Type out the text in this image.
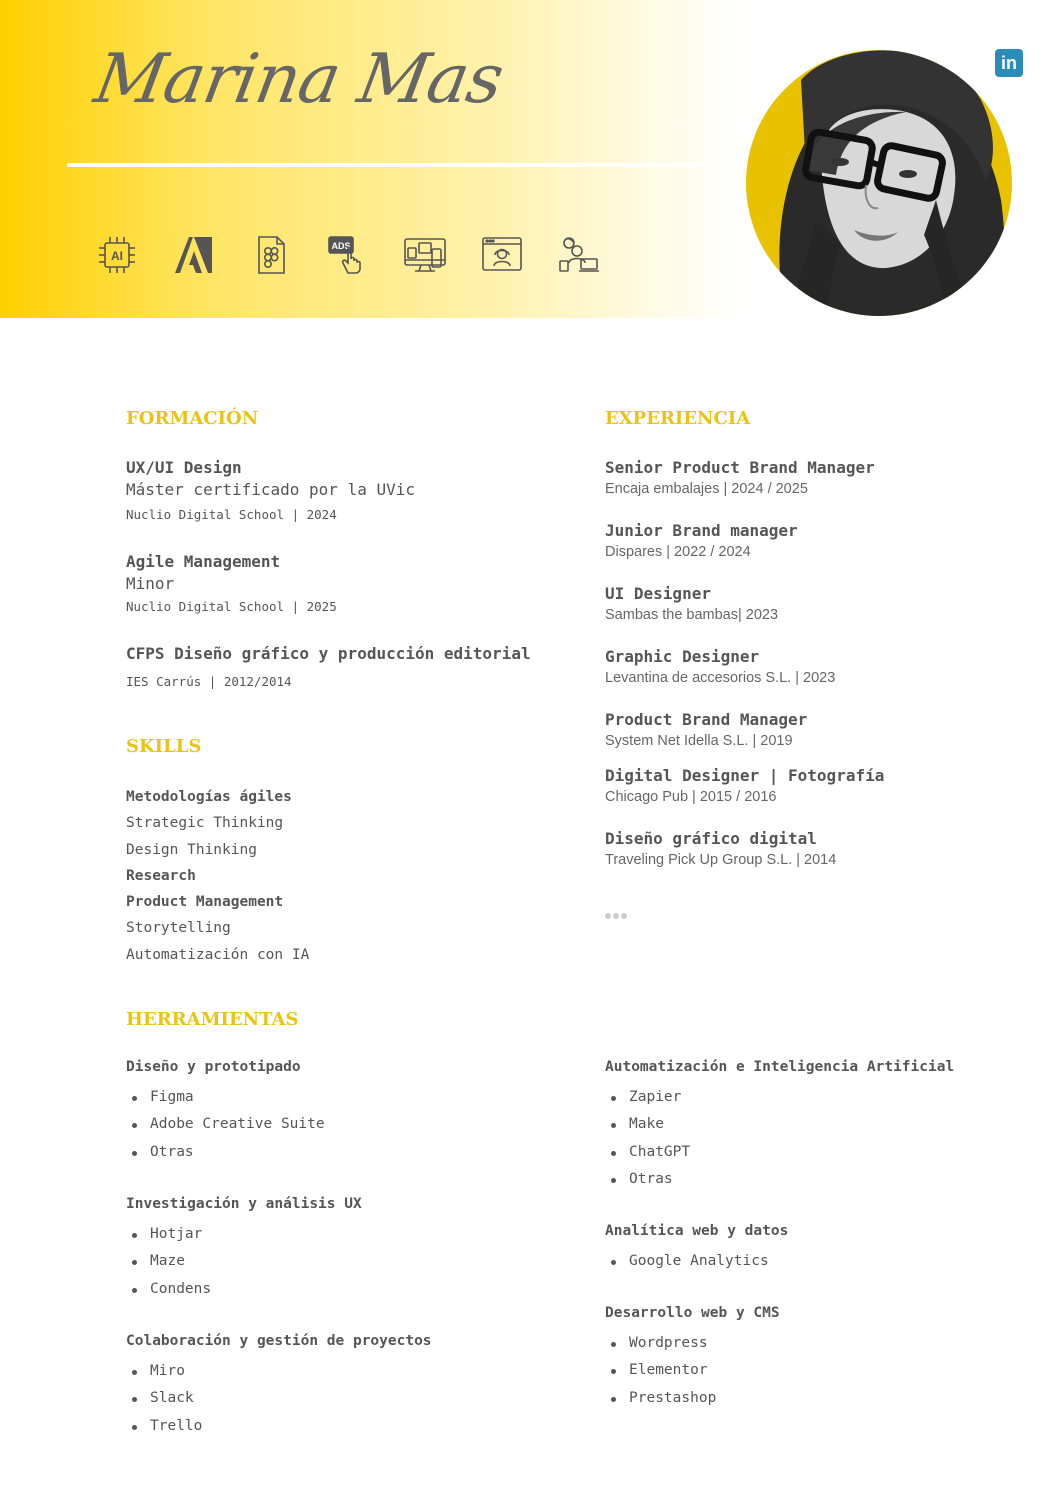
Marina Mas
AI
ADS
in
FORMACIÓN
UX/UI Design
Máster certificado por la UVic
Nuclio Digital School | 2024
Agile Management
Minor
Nuclio Digital School | 2025
CFPS Diseño gráfico y producción editorial
IES Carrús | 2012/2014
SKILLS
Metodologías ágiles
Strategic Thinking
Design Thinking
Research
Product Management
Storytelling
Automatización con IA
EXPERIENCIA
Senior Product Brand Manager
Encaja embalajes | 2024 / 2025
Junior Brand manager
Dispares | 2022 / 2024
UI Designer
Sambas the bambas| 2023
Graphic Designer
Levantina de accesorios S.L. | 2023
Product Brand Manager
System Net Idella S.L. | 2019
Digital Designer | Fotografía
Chicago Pub | 2015 / 2016
Diseño gráfico digital
Traveling Pick Up Group S.L. | 2014
HERRAMIENTAS
Diseño y prototipado
Figma
Adobe Creative Suite
Otras
Investigación y análisis UX
Hotjar
Maze
Condens
Colaboración y gestión de proyectos
Miro
Slack
Trello
Automatización e Inteligencia Artificial
Zapier
Make
ChatGPT
Otras
Analítica web y datos
Google Analytics
Desarrollo web y CMS
Wordpress
Elementor
Prestashop
